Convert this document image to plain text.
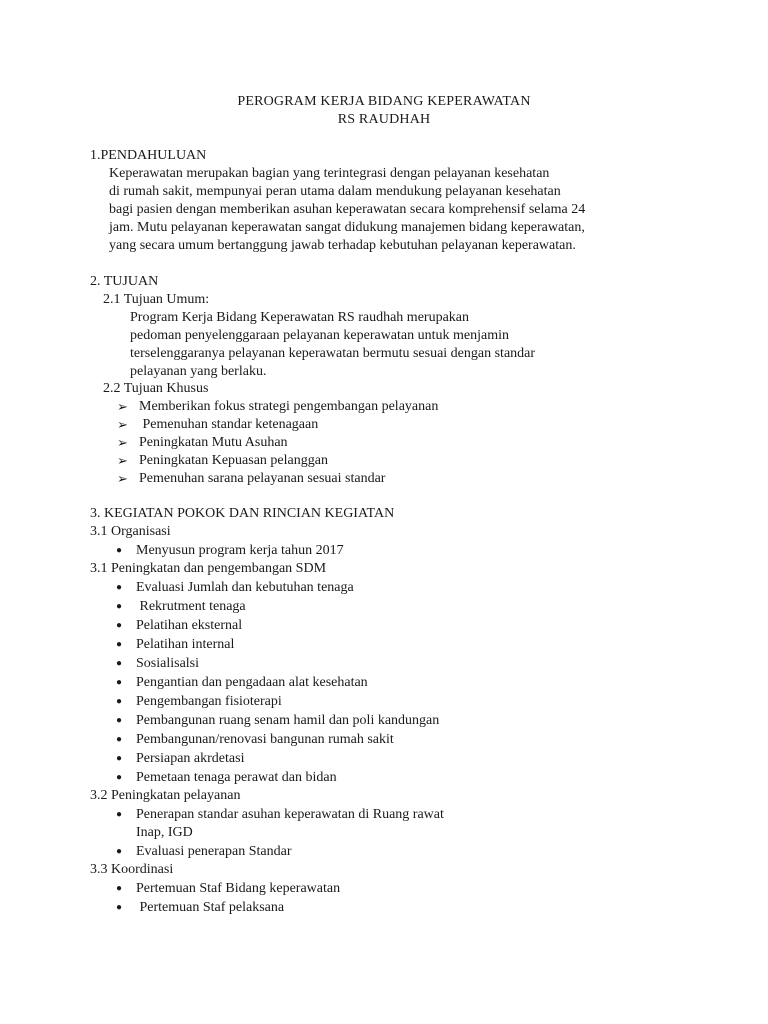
PEROGRAM KERJA BIDANG KEPERAWATAN
RS RAUDHAH
1.PENDAHULUAN
Keperawatan merupakan bagian yang terintegrasi dengan pelayanan kesehatan
di rumah sakit, mempunyai peran utama dalam mendukung pelayanan kesehatan
bagi pasien dengan memberikan asuhan keperawatan secara komprehensif selama 24
jam. Mutu pelayanan keperawatan sangat didukung manajemen bidang keperawatan,
yang secara umum bertanggung jawab terhadap kebutuhan pelayanan keperawatan.
2. TUJUAN
2.1 Tujuan Umum:
Program Kerja Bidang Keperawatan RS raudhah merupakan
pedoman penyelenggaraan pelayanan keperawatan untuk menjamin
terselenggaranya pelayanan keperawatan bermutu sesuai dengan standar
pelayanan yang berlaku.
2.2 Tujuan Khusus
➢ Memberikan fokus strategi pengembangan pelayanan
➢ Pemenuhan standar ketenagaan
➢ Peningkatan Mutu Asuhan
➢ Peningkatan Kepuasan pelanggan
➢ Pemenuhan sarana pelayanan sesuai standar
3. KEGIATAN POKOK DAN RINCIAN KEGIATAN
3.1 Organisasi
● Menyusun program kerja tahun 2017
3.1 Peningkatan dan pengembangan SDM
● Evaluasi Jumlah dan kebutuhan tenaga
● Rekrutment tenaga
● Pelatihan eksternal
● Pelatihan internal
● Sosialisalsi
● Pengantian dan pengadaan alat kesehatan
● Pengembangan fisioterapi
● Pembangunan ruang senam hamil dan poli kandungan
● Pembangunan/renovasi bangunan rumah sakit
● Persiapan akrdetasi
● Pemetaan tenaga perawat dan bidan
3.2 Peningkatan pelayanan
● Penerapan standar asuhan keperawatan di Ruang rawat
Inap, IGD
● Evaluasi penerapan Standar
3.3 Koordinasi
● Pertemuan Staf Bidang keperawatan
● Pertemuan Staf pelaksana
